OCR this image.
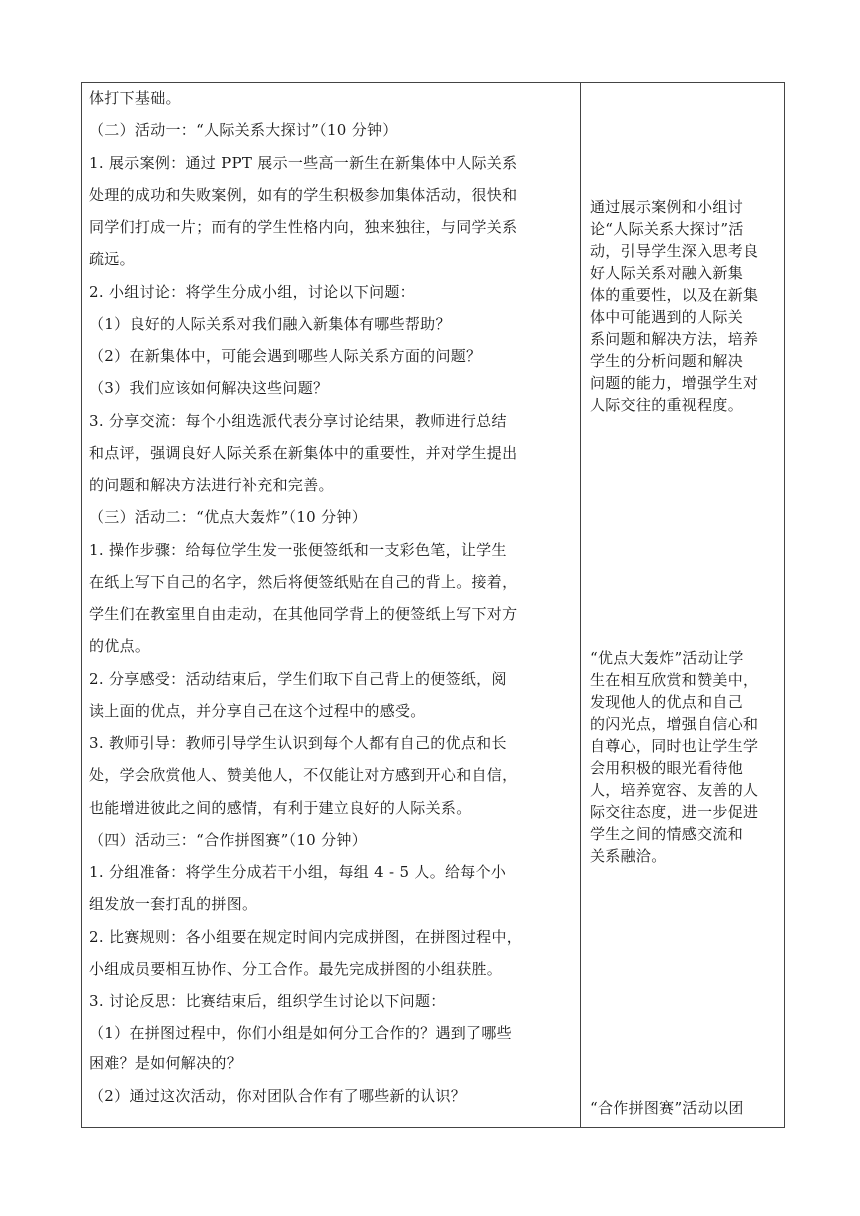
体打下基础。
（二）活动一：“人际关系大探讨”（10 分钟）
1. 展示案例：通过 PPT 展示一些高一新生在新集体中人际关系
处理的成功和失败案例，如有的学生积极参加集体活动，很快和
同学们打成一片；而有的学生性格内向，独来独往，与同学关系
疏远。
2. 小组讨论：将学生分成小组，讨论以下问题：
（1）良好的人际关系对我们融入新集体有哪些帮助？
（2）在新集体中，可能会遇到哪些人际关系方面的问题？
（3）我们应该如何解决这些问题？
3. 分享交流：每个小组选派代表分享讨论结果，教师进行总结
和点评，强调良好人际关系在新集体中的重要性，并对学生提出
的问题和解决方法进行补充和完善。
（三）活动二：“优点大轰炸”（10 分钟）
1. 操作步骤：给每位学生发一张便签纸和一支彩色笔，让学生
在纸上写下自己的名字，然后将便签纸贴在自己的背上。接着，
学生们在教室里自由走动，在其他同学背上的便签纸上写下对方
的优点。
2. 分享感受：活动结束后，学生们取下自己背上的便签纸，阅
读上面的优点，并分享自己在这个过程中的感受。
3. 教师引导：教师引导学生认识到每个人都有自己的优点和长
处，学会欣赏他人、赞美他人，不仅能让对方感到开心和自信，
也能增进彼此之间的感情，有利于建立良好的人际关系。
（四）活动三：“合作拼图赛”（10 分钟）
1. 分组准备：将学生分成若干小组，每组 4 - 5 人。给每个小
组发放一套打乱的拼图。
2. 比赛规则：各小组要在规定时间内完成拼图，在拼图过程中，
小组成员要相互协作、分工合作。最先完成拼图的小组获胜。
3. 讨论反思：比赛结束后，组织学生讨论以下问题：
（1）在拼图过程中，你们小组是如何分工合作的？遇到了哪些
困难？是如何解决的？
（2）通过这次活动，你对团队合作有了哪些新的认识？
通过展示案例和小组讨
论“人际关系大探讨”活
动，引导学生深入思考良
好人际关系对融入新集
体的重要性，以及在新集
体中可能遇到的人际关
系问题和解决方法，培养
学生的分析问题和解决
问题的能力，增强学生对
人际交往的重视程度。
“优点大轰炸”活动让学
生在相互欣赏和赞美中，
发现他人的优点和自己
的闪光点，增强自信心和
自尊心，同时也让学生学
会用积极的眼光看待他
人，培养宽容、友善的人
际交往态度，进一步促进
学生之间的情感交流和
关系融洽。
“合作拼图赛”活动以团
